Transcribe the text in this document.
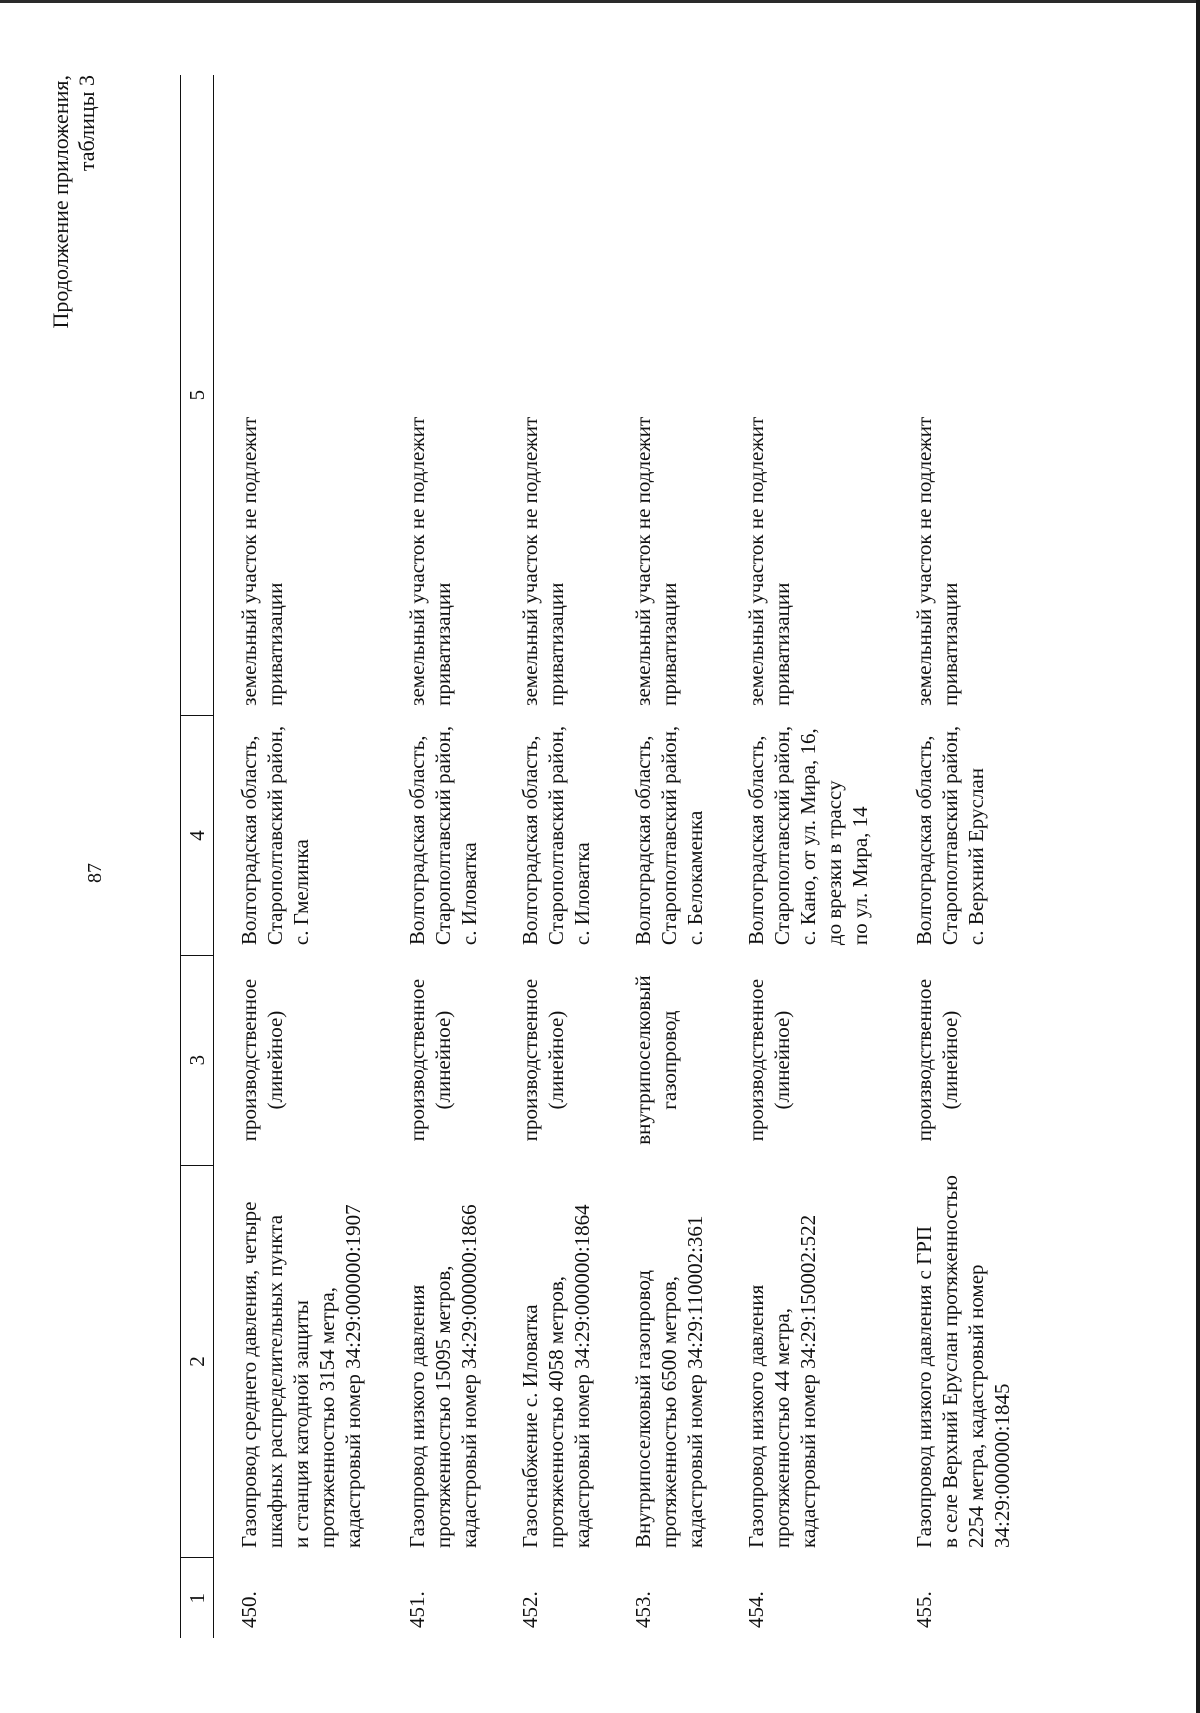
87
Продолжение приложения, таблицы 3
1	2	3	4	5
450.	Газопровод среднего давления, четыре шкафных распределительных пункта и станция катодной защиты протяженностью 3154 метра, кадастровый номер 34:29:000000:1907	производственное (линейное)	Волгоградская область, Старополтавский район, с. Гмелинка	земельный участок не подлежит приватизации

451.	Газопровод низкого давления протяженностью 15095 метров, кадастровый номер 34:29:000000:1866	производственное (линейное)	Волгоградская область, Старополтавский район, с. Иловатка	земельный участок не подлежит приватизации

452.	Газоснабжение с. Иловатка протяженностью 4058 метров, кадастровый номер 34:29:000000:1864	производственное (линейное)	Волгоградская область, Старополтавский район, с. Иловатка	земельный участок не подлежит приватизации

453.	Внутрипоселковый газопровод протяженностью 6500 метров, кадастровый номер 34:29:110002:361	внутрипоселковый газопровод	Волгоградская область, Старополтавский район, с. Белокаменка	земельный участок не подлежит приватизации

454.	Газопровод низкого давления протяженностью 44 метра, кадастровый номер 34:29:150002:522	производственное (линейное)	Волгоградская область, Старополтавский район, с. Кано, от ул. Мира, 16, до врезки в трассу по ул. Мира, 14	земельный участок не подлежит приватизации

455.	Газопровод низкого давления с ГРП в селе Верхний Еруслан протяженностью 2254 метра, кадастровый номер 34:29:000000:1845	производственное (линейное)	Волгоградская область, Старополтавский район, с. Верхний Еруслан	земельный участок не подлежит приватизации
